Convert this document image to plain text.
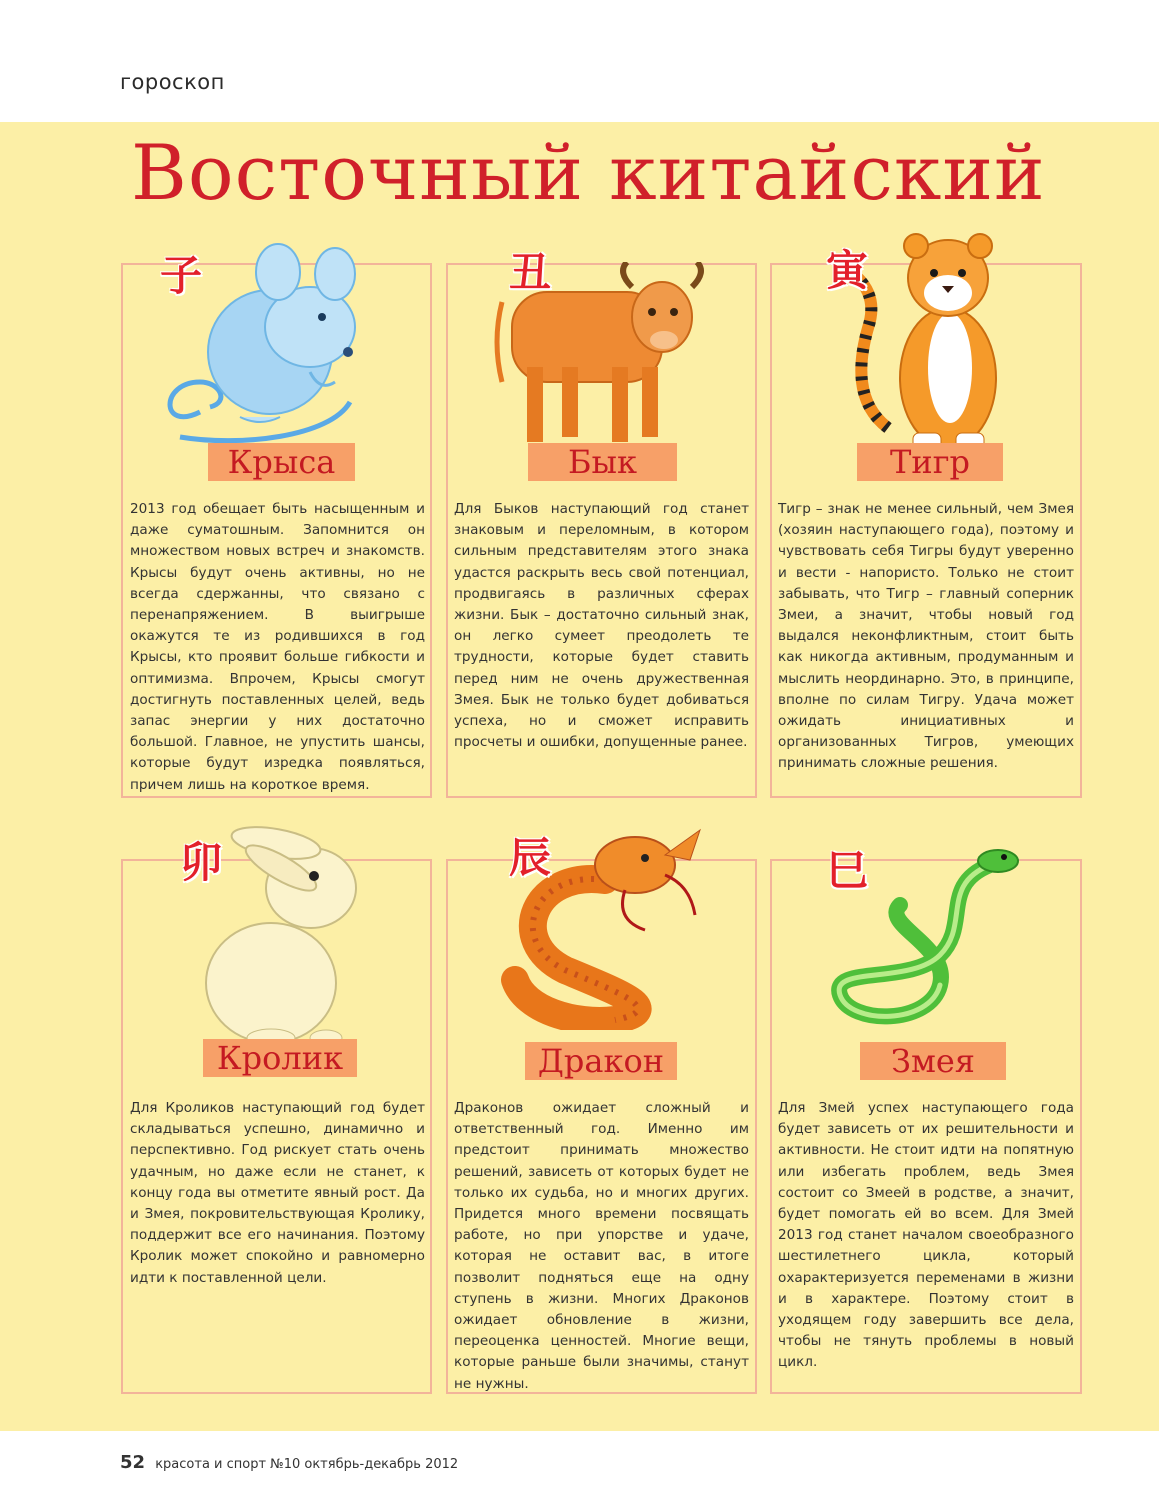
гороскоп
Восточный китайский
子	丑	寅
卯	辰	巳
Крыса	Бык	Тигр
Кролик	Дракон	Змея
2013 год обещает быть насыщенным и даже суматошным. Запомнится он множеством новых встреч и знакомств. Крысы будут очень активны, но не всегда сдержанны, что связано с перенапряжением. В выигрыше окажутся те из родившихся в год Крысы, кто проявит больше гибкости и оптимизма. Впрочем, Крысы смогут достигнуть поставленных целей, ведь запас энергии у них достаточно большой. Главное, не упустить шансы, которые будут изредка появляться, причем лишь на короткое время.
Для Быков наступающий год станет знаковым и переломным, в котором сильным представителям этого знака удастся раскрыть весь свой потенциал, продвигаясь в различных сферах жизни. Бык – достаточно сильный знак, он легко сумеет преодолеть те трудности, которые будет ставить перед ним не очень дружественная Змея. Бык не только будет добиваться успеха, но и сможет исправить просчеты и ошибки, допущенные ранее.
Тигр – знак не менее сильный, чем Змея (хозяин наступающего года), поэтому и чувствовать себя Тигры будут уверенно и вести - напористо. Только не стоит забывать, что Тигр – главный соперник Змеи, а значит, чтобы новый год выдался неконфликтным, стоит быть как никогда активным, продуманным и мыслить неординарно. Это, в принципе, вполне по силам Тигру. Удача может ожидать инициативных и организованных Тигров, умеющих принимать сложные решения.
Для Кроликов наступающий год будет складываться успешно, динамично и перспективно. Год рискует стать очень удачным, но даже если не станет, к концу года вы отметите явный рост. Да и Змея, покровительствующая Кролику, поддержит все его начинания. Поэтому Кролик может спокойно и равномерно идти к поставленной цели.
Драконов ожидает сложный и ответственный год. Именно им предстоит принимать множество решений, зависеть от которых будет не только их судьба, но и многих других. Придется много времени посвящать работе, но при упорстве и удаче, которая не оставит вас, в итоге позволит подняться еще на одну ступень в жизни. Многих Драконов ожидает обновление в жизни, переоценка ценностей. Многие вещи, которые раньше были значимы, станут не нужны.
Для Змей успех наступающего года будет зависеть от их решительности и активности. Не стоит идти на попятную или избегать проблем, ведь Змея состоит со Змеей в родстве, а значит, будет помогать ей во всем. Для Змей 2013 год станет началом своеобразного шестилетнего цикла, который охарактеризуется переменами в жизни и в характере. Поэтому стоит в уходящем году завершить все дела, чтобы не тянуть проблемы в новый цикл.
52 красота и спорт №10 октябрь-декабрь 2012
